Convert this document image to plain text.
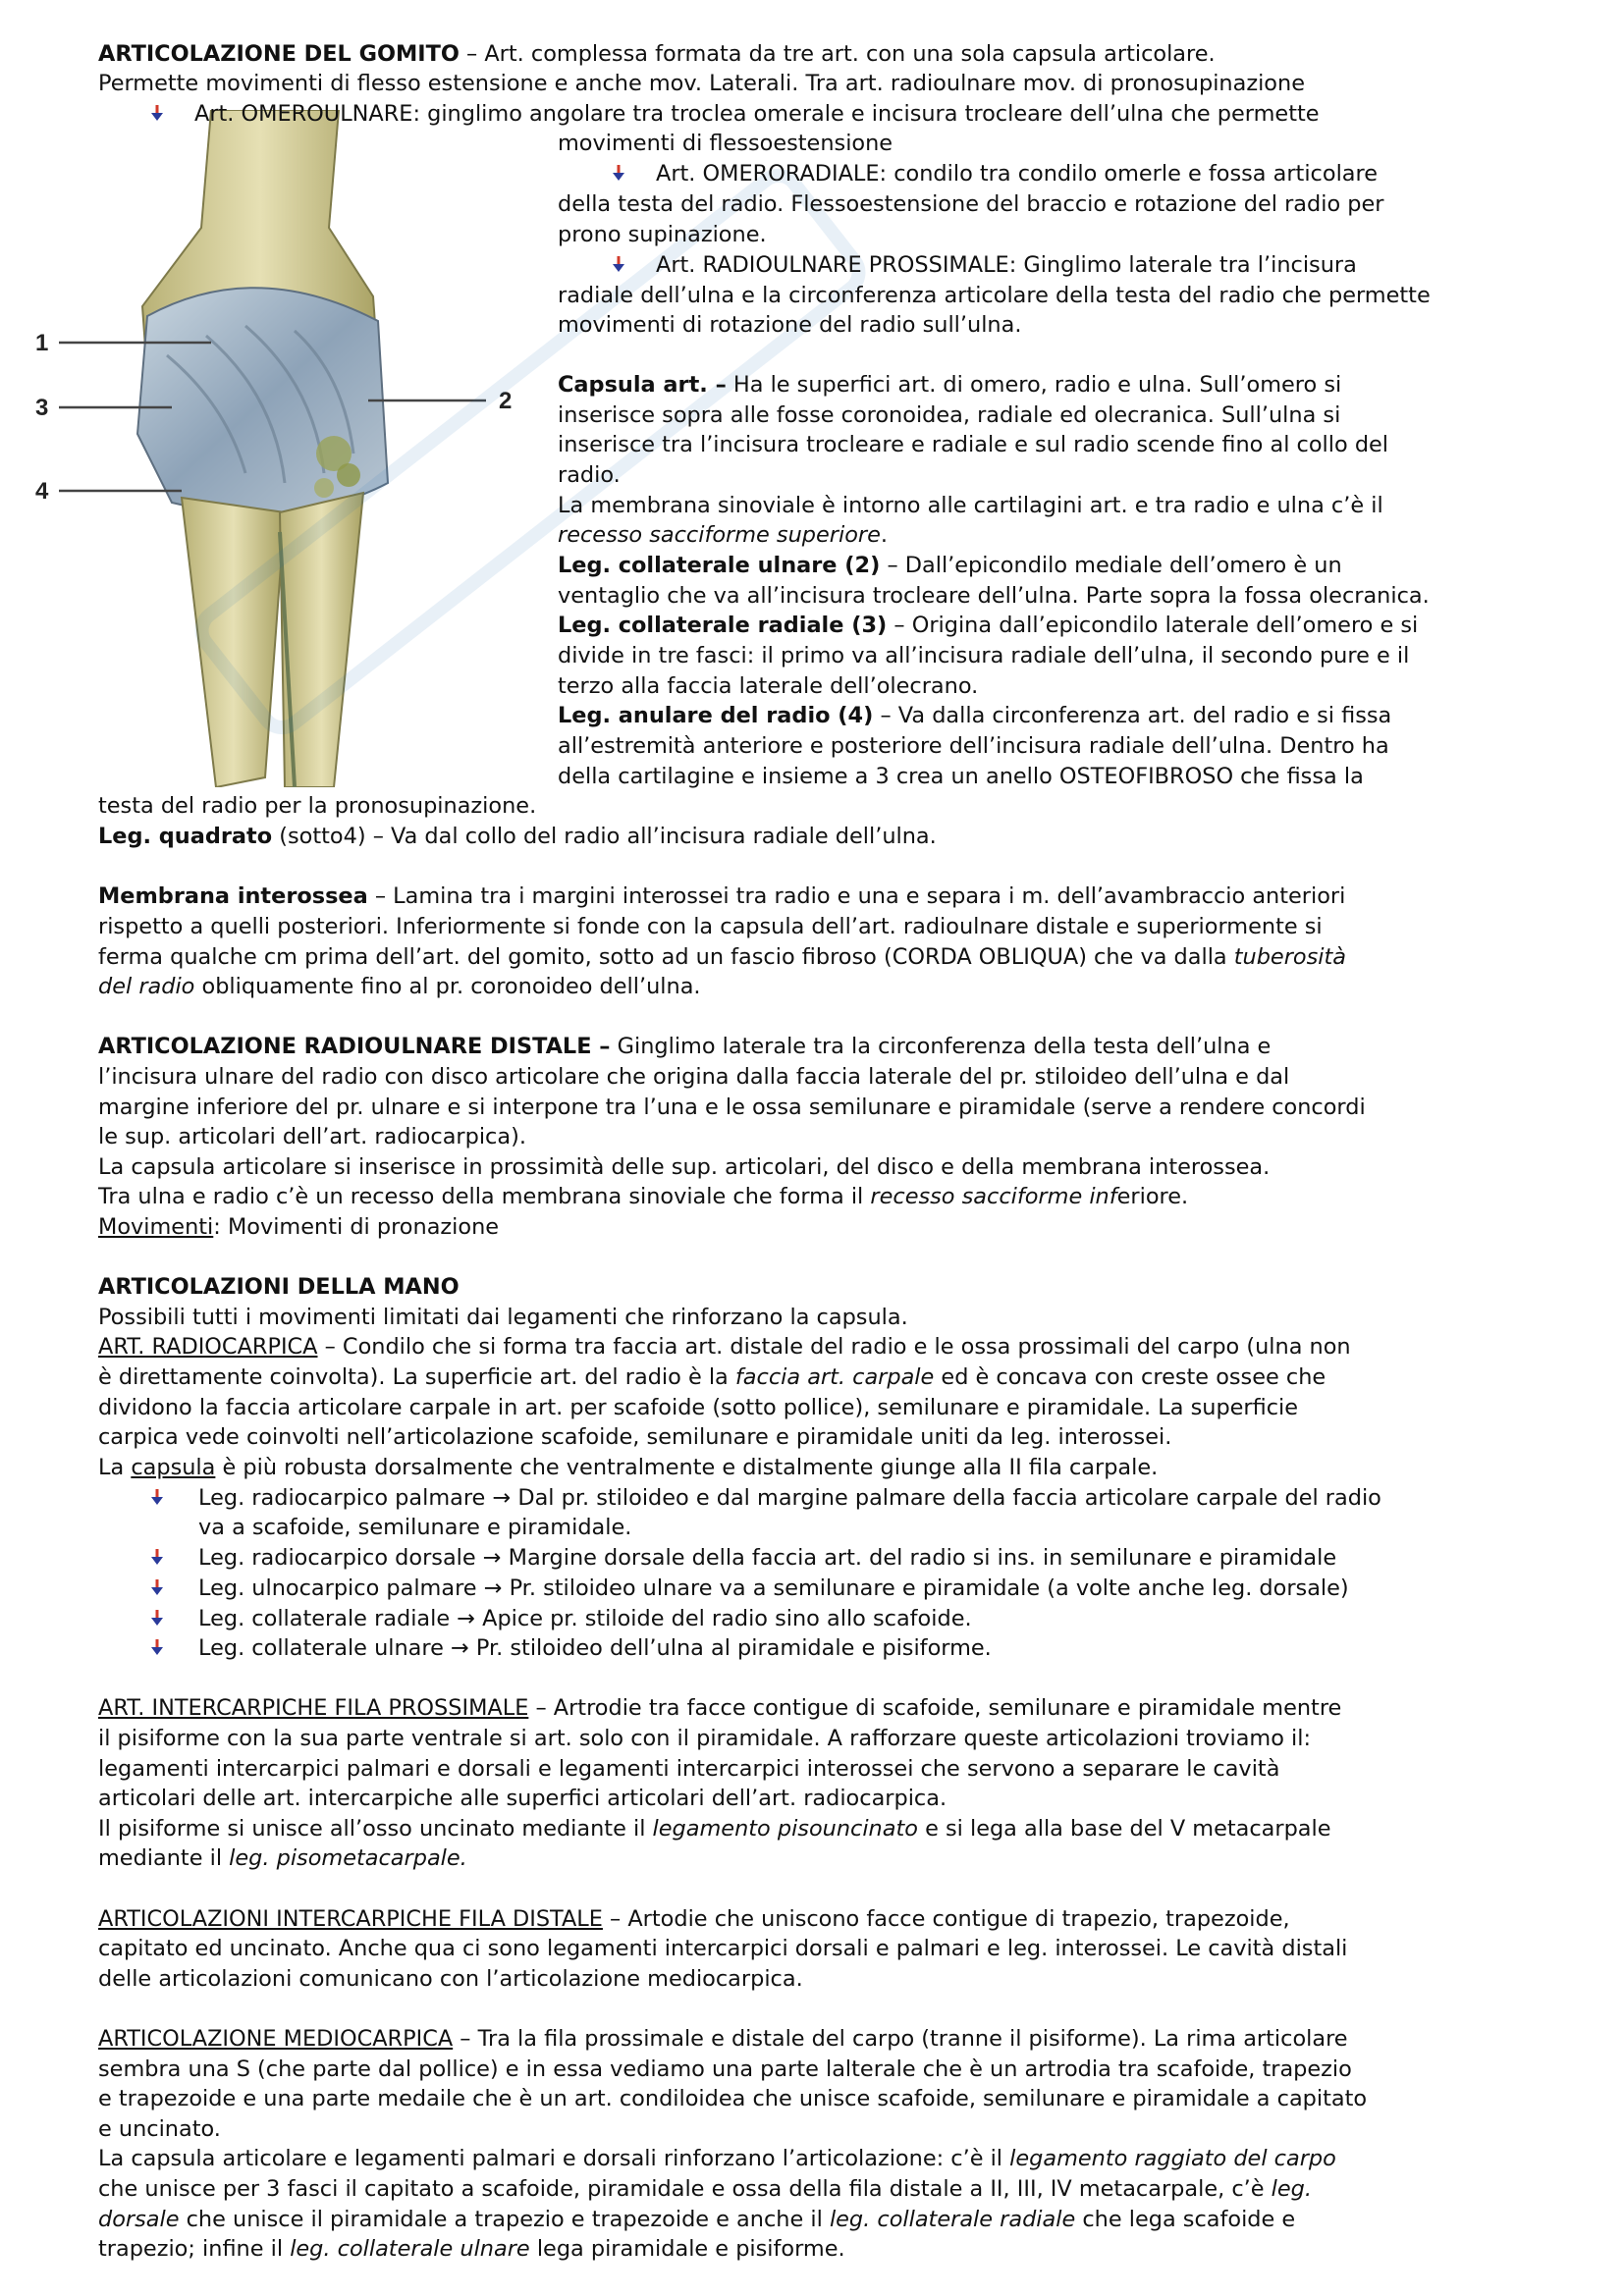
1
3
4
2
ARTICOLAZIONE DEL GOMITO – Art. complessa formata da tre art. con una sola capsula articolare.
Permette movimenti di flesso estensione e anche mov. Laterali. Tra art. radioulnare mov. di pronosupinazione
Art. OMEROULNARE: ginglimo angolare tra troclea omerale e incisura trocleare dell’ulna che permette
movimenti di flessoestensione
Art. OMERORADIALE: condilo tra condilo omerle e fossa articolare
della testa del radio. Flessoestensione del braccio e rotazione del radio per
prono supinazione.
Art. RADIOULNARE PROSSIMALE: Ginglimo laterale tra l’incisura
radiale dell’ulna e la circonferenza articolare della testa del radio che permette
movimenti di rotazione del radio sull’ulna.
Capsula art. – Ha le superfici art. di omero, radio e ulna. Sull’omero si
inserisce sopra alle fosse coronoidea, radiale ed olecranica. Sull’ulna si
inserisce tra l’incisura trocleare e radiale e sul radio scende fino al collo del
radio.
La membrana sinoviale è intorno alle cartilagini art. e tra radio e ulna c’è il
recesso sacciforme superiore.
Leg. collaterale ulnare (2) – Dall’epicondilo mediale dell’omero è un
ventaglio che va all’incisura trocleare dell’ulna. Parte sopra la fossa olecranica.
Leg. collaterale radiale (3) – Origina dall’epicondilo laterale dell’omero e si
divide in tre fasci: il primo va all’incisura radiale dell’ulna, il secondo pure e il
terzo alla faccia laterale dell’olecrano.
Leg. anulare del radio (4) – Va dalla circonferenza art. del radio e si fissa
all’estremità anteriore e posteriore dell’incisura radiale dell’ulna. Dentro ha
della cartilagine e insieme a 3 crea un anello OSTEOFIBROSO che fissa la
testa del radio per la pronosupinazione.
Leg. quadrato (sotto4) – Va dal collo del radio all’incisura radiale dell’ulna.
Membrana interossea – Lamina tra i margini interossei tra radio e una e separa i m. dell’avambraccio anteriori
rispetto a quelli posteriori. Inferiormente si fonde con la capsula dell’art. radioulnare distale e superiormente si
ferma qualche cm prima dell’art. del gomito, sotto ad un fascio fibroso (CORDA OBLIQUA) che va dalla tuberosità
del radio obliquamente fino al pr. coronoideo dell’ulna.
ARTICOLAZIONE RADIOULNARE DISTALE – Ginglimo laterale tra la circonferenza della testa dell’ulna e
l’incisura ulnare del radio con disco articolare che origina dalla faccia laterale del pr. stiloideo dell’ulna e dal
margine inferiore del pr. ulnare e si interpone tra l’una e le ossa semilunare e piramidale (serve a rendere concordi
le sup. articolari dell’art. radiocarpica).
La capsula articolare si inserisce in prossimità delle sup. articolari, del disco e della membrana interossea.
Tra ulna e radio c’è un recesso della membrana sinoviale che forma il recesso sacciforme inferiore.
Movimenti: Movimenti di pronazione
ARTICOLAZIONI DELLA MANO
Possibili tutti i movimenti limitati dai legamenti che rinforzano la capsula.
ART. RADIOCARPICA – Condilo che si forma tra faccia art. distale del radio e le ossa prossimali del carpo (ulna non
è direttamente coinvolta). La superficie art. del radio è la faccia art. carpale ed è concava con creste ossee che
dividono la faccia articolare carpale in art. per scafoide (sotto pollice), semilunare e piramidale. La superficie
carpica vede coinvolti nell’articolazione scafoide, semilunare e piramidale uniti da leg. interossei.
La capsula è più robusta dorsalmente che ventralmente e distalmente giunge alla II fila carpale.
Leg. radiocarpico palmare → Dal pr. stiloideo e dal margine palmare della faccia articolare carpale del radio
va a scafoide, semilunare e piramidale.
Leg. radiocarpico dorsale → Margine dorsale della faccia art. del radio si ins. in semilunare e piramidale
Leg. ulnocarpico palmare → Pr. stiloideo ulnare va a semilunare e piramidale (a volte anche leg. dorsale)
Leg. collaterale radiale → Apice pr. stiloide del radio sino allo scafoide.
Leg. collaterale ulnare → Pr. stiloideo dell’ulna al piramidale e pisiforme.
ART. INTERCARPICHE FILA PROSSIMALE – Artrodie tra facce contigue di scafoide, semilunare e piramidale mentre
il pisiforme con la sua parte ventrale si art. solo con il piramidale. A rafforzare queste articolazioni troviamo il:
legamenti intercarpici palmari e dorsali e legamenti intercarpici interossei che servono a separare le cavità
articolari delle art. intercarpiche alle superfici articolari dell’art. radiocarpica.
Il pisiforme si unisce all’osso uncinato mediante il legamento pisouncinato e si lega alla base del V metacarpale
mediante il leg. pisometacarpale.
ARTICOLAZIONI INTERCARPICHE FILA DISTALE – Artodie che uniscono facce contigue di trapezio, trapezoide,
capitato ed uncinato. Anche qua ci sono legamenti intercarpici dorsali e palmari e leg. interossei. Le cavità distali
delle articolazioni comunicano con l’articolazione mediocarpica.
ARTICOLAZIONE MEDIOCARPICA – Tra la fila prossimale e distale del carpo (tranne il pisiforme). La rima articolare
sembra una S (che parte dal pollice) e in essa vediamo una parte lalterale che è un artrodia tra scafoide, trapezio
e trapezoide e una parte medaile che è un art. condiloidea che unisce scafoide, semilunare e piramidale a capitato
e uncinato.
La capsula articolare e legamenti palmari e dorsali rinforzano l’articolazione: c’è il legamento raggiato del carpo
che unisce per 3 fasci il capitato a scafoide, piramidale e ossa della fila distale a II, III, IV metacarpale, c’è leg.
dorsale che unisce il piramidale a trapezio e trapezoide e anche il leg. collaterale radiale che lega scafoide e
trapezio; infine il leg. collaterale ulnare lega piramidale e pisiforme.
